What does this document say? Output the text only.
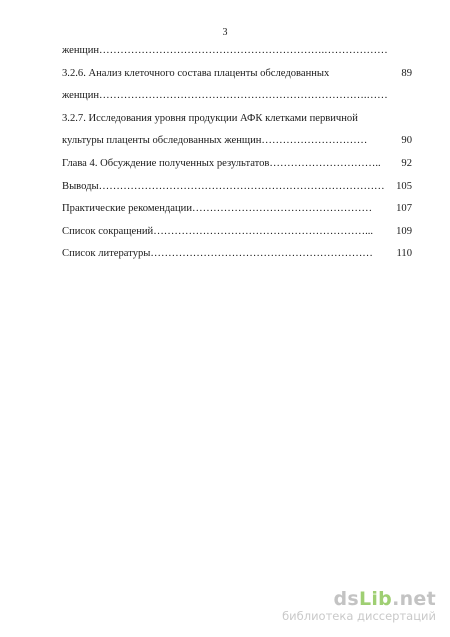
3
женщин……………………………………………………….………………
3.2.6. Анализ клеточного состава плаценты обследованных	89
женщин………………………………………………………………….……
3.2.7. Исследования уровня продукции АФК клетками первичной
культуры плаценты обследованных женщин…………………………	90
Глава 4. Обсуждение полученных результатов………………………….. 92
Выводы……………………………………………………………………… 105
Практические рекомендации…………………………………………… 107
Список сокращений……………………………………………………... 109
Список литературы……………………………………………………… 110
dsLib.net
библиотека диссертаций
